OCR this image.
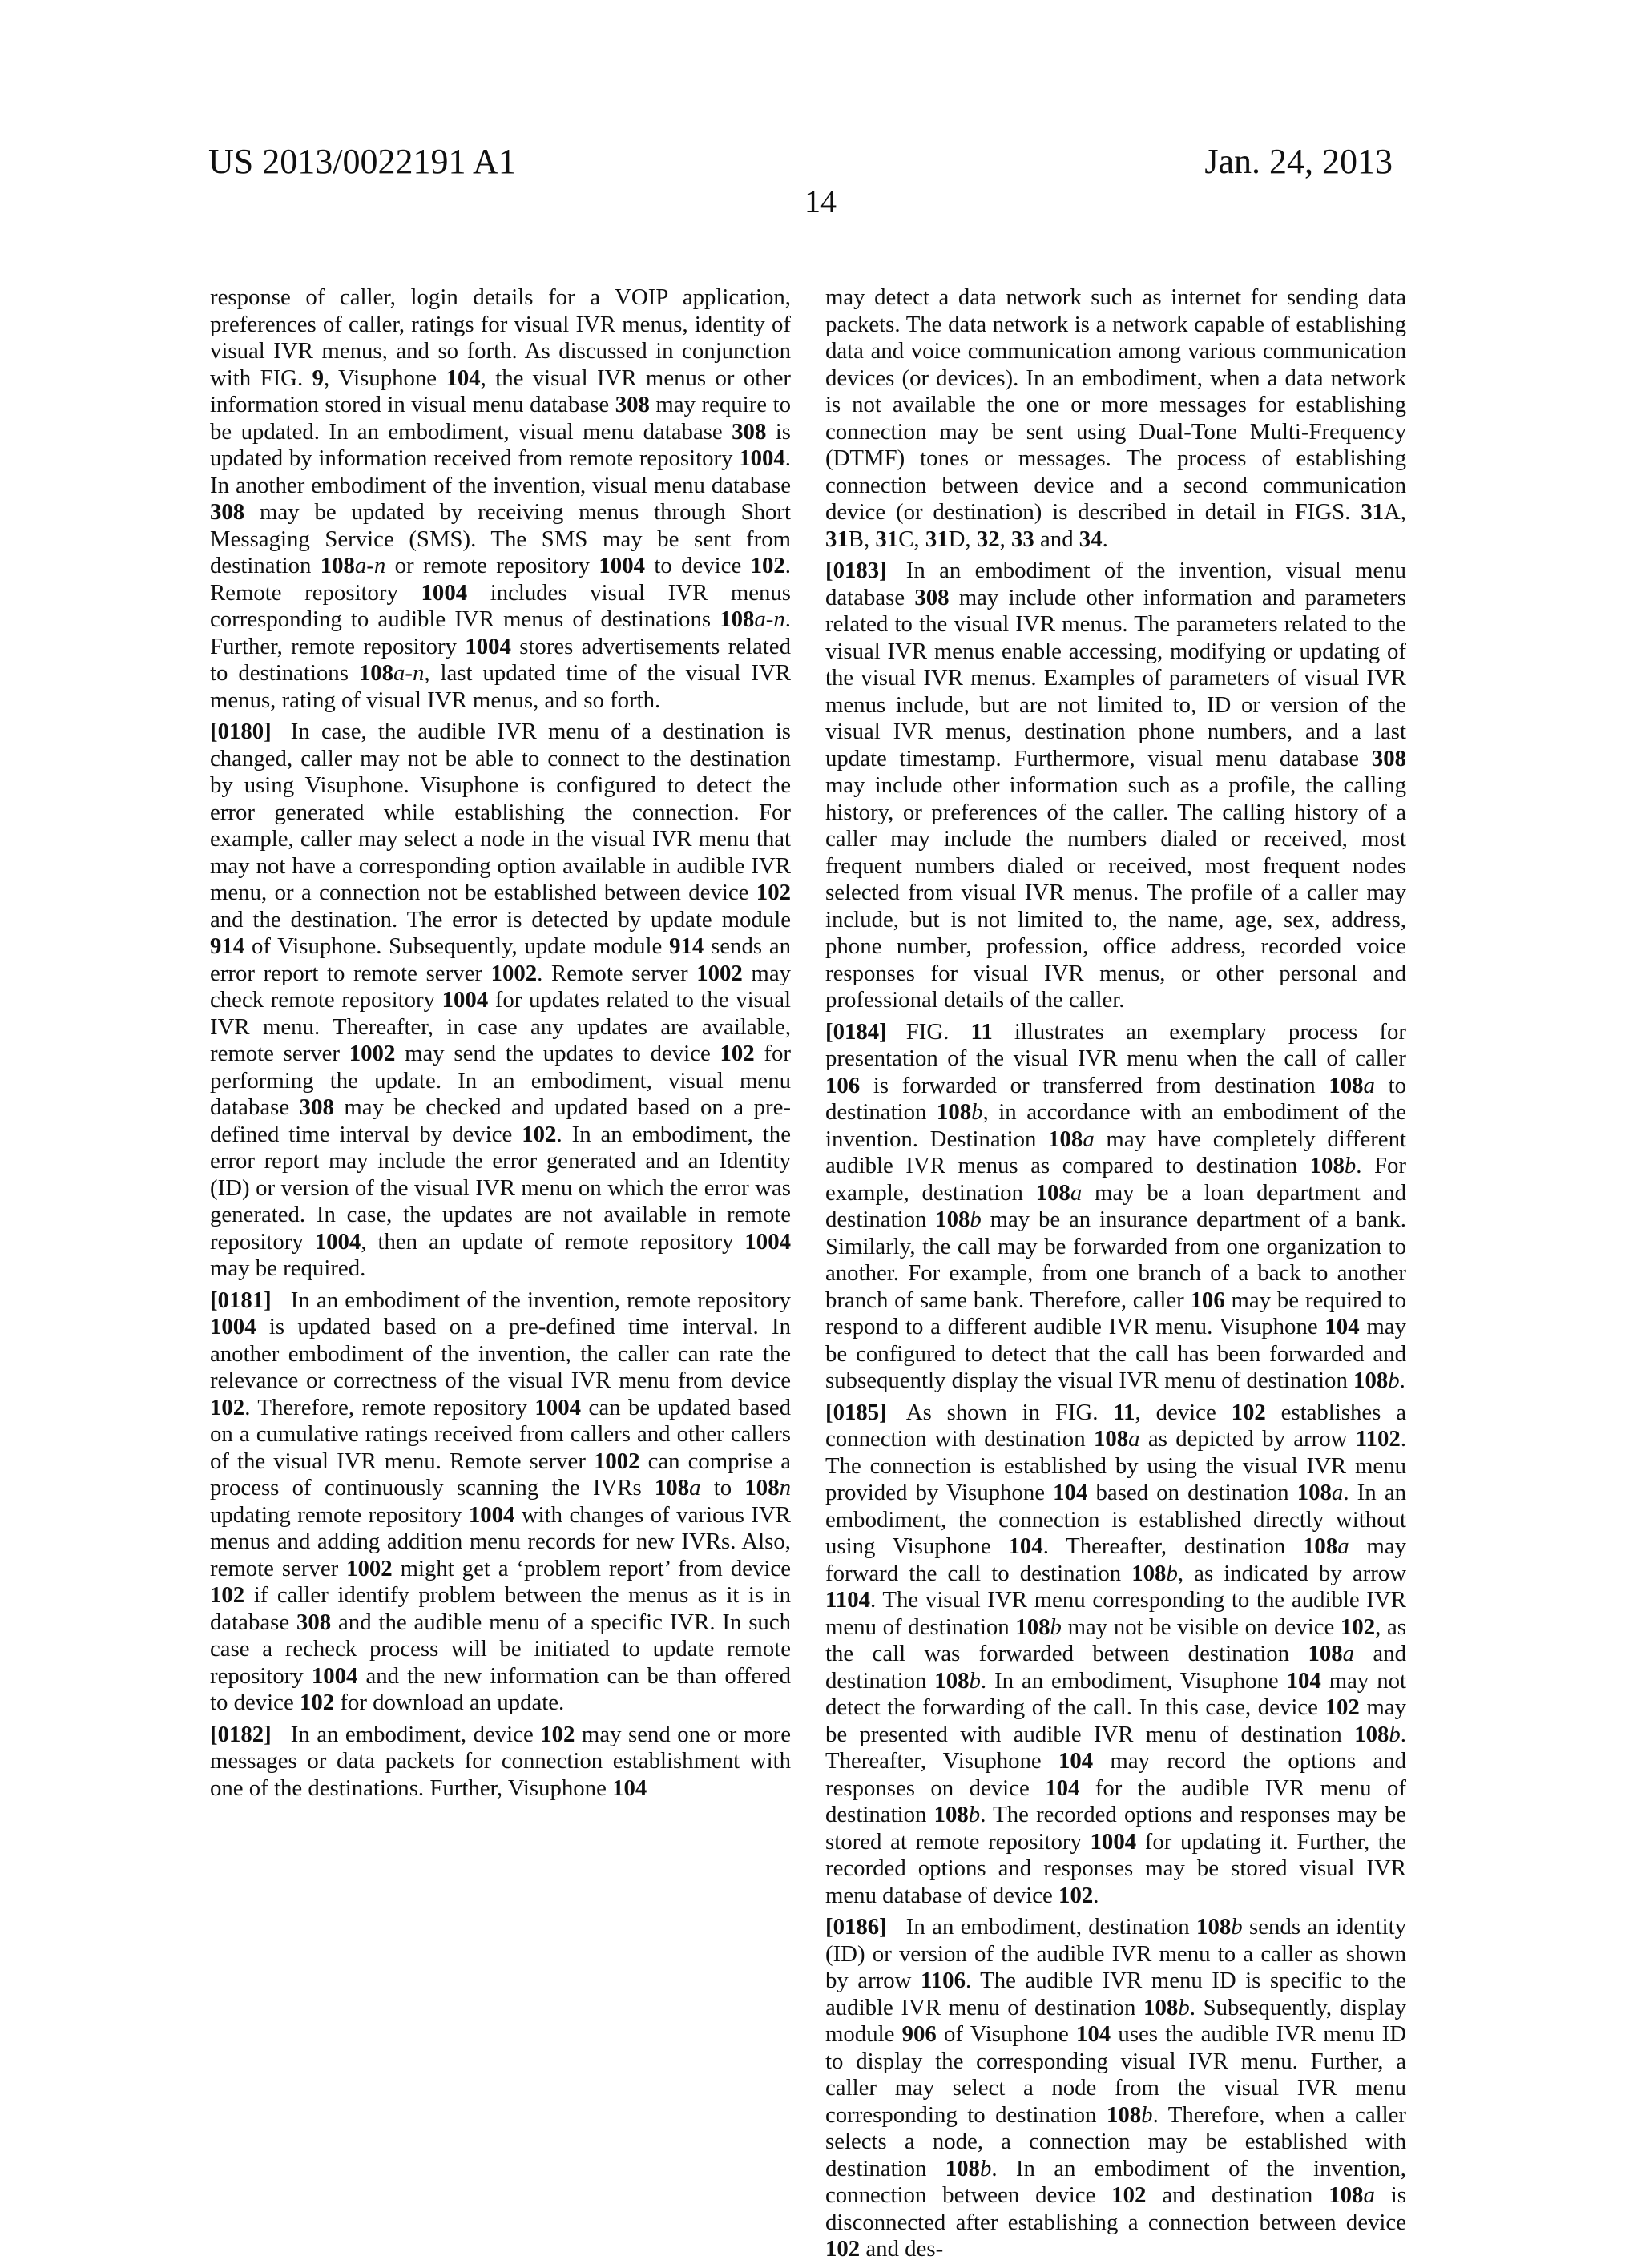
US 2013/0022191 A1	Jan. 24, 2013
14

response of caller, login details for a VOIP application, preferences of caller, ratings for visual IVR menus, identity of visual IVR menus, and so forth. As discussed in conjunction with FIG. 9, Visuphone 104, the visual IVR menus or other information stored in visual menu database 308 may require to be updated. In an embodiment, visual menu database 308 is updated by information received from remote repository 1004. In another embodiment of the invention, visual menu database 308 may be updated by receiving menus through Short Messaging Service (SMS). The SMS may be sent from destination 108a-n or remote repository 1004 to device 102. Remote repository 1004 includes visual IVR menus corresponding to audible IVR menus of destinations 108a-n. Further, remote repository 1004 stores advertisements related to destinations 108a-n, last updated time of the visual IVR menus, rating of visual IVR menus, and so forth.

[0180] In case, the audible IVR menu of a destination is changed, caller may not be able to connect to the destination by using Visuphone. Visuphone is configured to detect the error generated while establishing the connection. For example, caller may select a node in the visual IVR menu that may not have a corresponding option available in audible IVR menu, or a connection not be established between device 102 and the destination. The error is detected by update module 914 of Visuphone. Subsequently, update module 914 sends an error report to remote server 1002. Remote server 1002 may check remote repository 1004 for updates related to the visual IVR menu. Thereafter, in case any updates are available, remote server 1002 may send the updates to device 102 for performing the update. In an embodiment, visual menu database 308 may be checked and updated based on a pre-defined time interval by device 102. In an embodiment, the error report may include the error generated and an Identity (ID) or version of the visual IVR menu on which the error was generated. In case, the updates are not available in remote repository 1004, then an update of remote repository 1004 may be required.

[0181] In an embodiment of the invention, remote repository 1004 is updated based on a pre-defined time interval. In another embodiment of the invention, the caller can rate the relevance or correctness of the visual IVR menu from device 102. Therefore, remote repository 1004 can be updated based on a cumulative ratings received from callers and other callers of the visual IVR menu. Remote server 1002 can comprise a process of continuously scanning the IVRs 108a to 108n updating remote repository 1004 with changes of various IVR menus and adding addition menu records for new IVRs. Also, remote server 1002 might get a ‘problem report’ from device 102 if caller identify problem between the menus as it is in database 308 and the audible menu of a specific IVR. In such case a recheck process will be initiated to update remote repository 1004 and the new information can be than offered to device 102 for download an update.

[0182] In an embodiment, device 102 may send one or more messages or data packets for connection establishment with one of the destinations. Further, Visuphone 104

may detect a data network such as internet for sending data packets. The data network is a network capable of establishing data and voice communication among various communication devices (or devices). In an embodiment, when a data network is not available the one or more messages for establishing connection may be sent using Dual-Tone Multi-Frequency (DTMF) tones or messages. The process of establishing connection between device and a second communication device (or destination) is described in detail in FIGS. 31A, 31B, 31C, 31D, 32, 33 and 34.

[0183] In an embodiment of the invention, visual menu database 308 may include other information and parameters related to the visual IVR menus. The parameters related to the visual IVR menus enable accessing, modifying or updating of the visual IVR menus. Examples of parameters of visual IVR menus include, but are not limited to, ID or version of the visual IVR menus, destination phone numbers, and a last update timestamp. Furthermore, visual menu database 308 may include other information such as a profile, the calling history, or preferences of the caller. The calling history of a caller may include the numbers dialed or received, most frequent numbers dialed or received, most frequent nodes selected from visual IVR menus. The profile of a caller may include, but is not limited to, the name, age, sex, address, phone number, profession, office address, recorded voice responses for visual IVR menus, or other personal and professional details of the caller.

[0184] FIG. 11 illustrates an exemplary process for presentation of the visual IVR menu when the call of caller 106 is forwarded or transferred from destination 108a to destination 108b, in accordance with an embodiment of the invention. Destination 108a may have completely different audible IVR menus as compared to destination 108b. For example, destination 108a may be a loan department and destination 108b may be an insurance department of a bank. Similarly, the call may be forwarded from one organization to another. For example, from one branch of a back to another branch of same bank. Therefore, caller 106 may be required to respond to a different audible IVR menu. Visuphone 104 may be configured to detect that the call has been forwarded and subsequently display the visual IVR menu of destination 108b.

[0185] As shown in FIG. 11, device 102 establishes a connection with destination 108a as depicted by arrow 1102. The connection is established by using the visual IVR menu provided by Visuphone 104 based on destination 108a. In an embodiment, the connection is established directly without using Visuphone 104. Thereafter, destination 108a may forward the call to destination 108b, as indicated by arrow 1104. The visual IVR menu corresponding to the audible IVR menu of destination 108b may not be visible on device 102, as the call was forwarded between destination 108a and destination 108b. In an embodiment, Visuphone 104 may not detect the forwarding of the call. In this case, device 102 may be presented with audible IVR menu of destination 108b. Thereafter, Visuphone 104 may record the options and responses on device 104 for the audible IVR menu of destination 108b. The recorded options and responses may be stored at remote repository 1004 for updating it. Further, the recorded options and responses may be stored visual IVR menu database of device 102.

[0186] In an embodiment, destination 108b sends an identity (ID) or version of the audible IVR menu to a caller as shown by arrow 1106. The audible IVR menu ID is specific to the audible IVR menu of destination 108b. Subsequently, display module 906 of Visuphone 104 uses the audible IVR menu ID to display the corresponding visual IVR menu. Further, a caller may select a node from the visual IVR menu corresponding to destination 108b. Therefore, when a caller selects a node, a connection may be established with destination 108b. In an embodiment of the invention, connection between device 102 and destination 108a is disconnected after establishing a connection between device 102 and des-
